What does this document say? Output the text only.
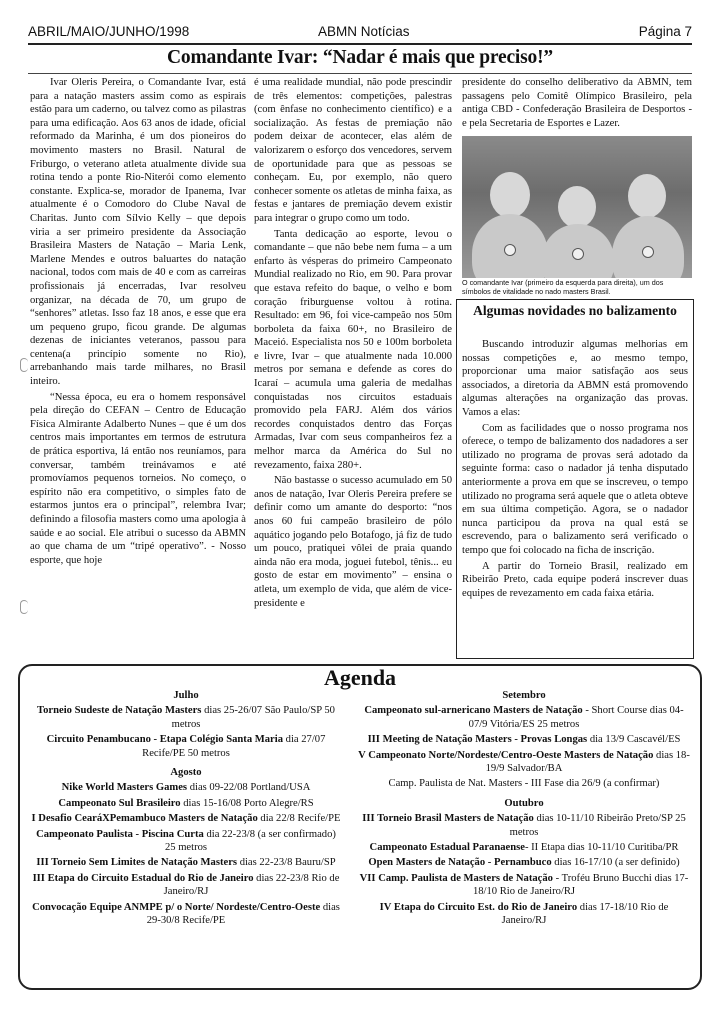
ABRIL/MAIO/JUNHO/1998	ABMN Notícias	Página 7
Comandante Ivar: “Nadar é mais que preciso!”

Ivar Oleris Pereira, o Comandante Ivar, está para a natação masters assim como as espirais estão para um caderno, ou talvez como as pilastras para uma edificação. Aos 63 anos de idade, oficial reformado da Marinha, é um dos pioneiros do movimento masters no Brasil. Natural de Friburgo, o veterano atleta atualmente divide sua rotina tendo a ponte Rio-Niterói como elemento constante. Explica-se, morador de Ipanema, Ivar atualmente é o Comodoro do Clube Naval de Charitas. Junto com Sílvio Kelly – que depois viria a ser primeiro presidente da Associação Brasileira Masters de Natação – Maria Lenk, Marlene Mendes e outros baluartes do natação nacional, todos com mais de 40 e com as carreiras profissionais já encerradas, Ivar resolveu organizar, na década de 70, um grupo de “senhores” atletas. Isso faz 18 anos, e esse que era um pequeno grupo, ficou grande. De algumas dezenas de iniciantes veteranos, passou para centena(a princípio somente no Rio), arrebanhando mais tarde milhares, no Brasil inteiro.

“Nessa época, eu era o homem responsável pela direção do CEFAN – Centro de Educação Física Almirante Adalberto Nunes – que é um dos centros mais importantes em termos de estrutura de prática esportiva, lá então nos reuníamos, para conversar, também treinávamos e até promovíamos pequenos torneios. No começo, o espírito não era competitivo, o simples fato de estarmos juntos era o principal”, relembra Ivar; definindo a filosofia masters como uma apologia à saúde e ao social. Ele atribui o sucesso da ABMN ao que chama de um “tripé operativo”. - Nosso esporte, que hoje

é uma realidade mundial, não pode prescindir de três elementos: competições, palestras (com ênfase no conhecimento científico) e a socialização. As festas de premiação não podem deixar de acontecer, elas além de valorizarem o esforço dos vencedores, servem de oportunidade para que as pessoas se conheçam. Eu, por exemplo, não quero conhecer somente os atletas de minha faixa, as festas e jantares de premiação devem existir para integrar o grupo como um todo.

Tanta dedicação ao esporte, levou o comandante – que não bebe nem fuma – a um enfarto às vésperas do primeiro Campeonato Mundial realizado no Rio, em 90. Para provar que estava refeito do baque, o velho e bom coração friburguense voltou à rotina. Resultado: em 96, foi vice-campeão nos 50m borboleta da faixa 60+, no Brasileiro de Maceió. Especialista nos 50 e 100m borboleta e livre, Ivar – que atualmente nada 10.000 metros por semana e defende as cores do Icaraí – acumula uma galeria de medalhas conquistadas nos circuitos estaduais promovido pela FARJ. Além dos vários recordes conquistados dentro das Forças Armadas, Ivar com seus companheiros fez a melhor marca da América do Sul no revezamento, faixa 280+.

Não bastasse o sucesso acumulado em 50 anos de natação, Ivar Oleris Pereira prefere se definir como um amante do desporto: “nos anos 60 fui campeão brasileiro de pólo aquático jogando pelo Botafogo, já fiz de tudo um pouco, pratiquei vôlei de praia quando ainda não era moda, joguei futebol, tênis... eu gosto de estar em movimento” – ensina o atleta, um exemplo de vida, que além de vice-presidente e

presidente do conselho deliberativo da ABMN, tem passagens pelo Comitê Olímpico Brasileiro, pela antiga CBD - Confederação Brasileira de Desportos - e pela Secretaria de Esportes e Lazer.

O comandante Ivar (primeiro da esquerda para direita), um dos símbolos de vitalidade no nado masters Brasil.
Algumas novidades no balizamento

Buscando introduzir algumas melhorias em nossas competições e, ao mesmo tempo, proporcionar uma maior satisfação aos seus associados, a diretoria da ABMN está promovendo algumas alterações na organização das provas. Vamos a elas:

Com as facilidades que o nosso programa nos oferece, o tempo de balizamento dos nadadores a ser utilizado no programa de provas será adotado da seguinte forma: caso o nadador já tenha disputado anteriormente a prova em que se inscreveu, o tempo utilizado no programa será aquele que o atleta obteve em sua última competição. Agora, se o nadador nunca participou da prova na qual está se escrevendo, para o balizamento será verificado o tempo que foi colocado na ficha de inscrição.

A partir do Torneio Brasil, realizado em Ribeirão Preto, cada equipe poderá inscrever duas equipes de revezamento em cada faixa etária.

Agenda
Julho
Torneio Sudeste de Natação Masters dias 25-26/07 São Paulo/SP 50 metros
Circuito Penambucano - Etapa Colégio Santa Maria dia 27/07 Recife/PE 50 metros
Agosto
Nike World Masters Games dias 09-22/08 Portland/USA
Campeonato Sul Brasileiro dias 15-16/08 Porto Alegre/RS
I Desafio CearáXPemambuco Masters de Natação dia 22/8 Recife/PE
Campeonato Paulista - Piscina Curta dia 22-23/8 (a ser confirmado) 25 metros
III Torneio Sem Limites de Natação Masters dias 22-23/8 Bauru/SP
III Etapa do Circuito Estadual do Rio de Janeiro dias 22-23/8 Rio de Janeiro/RJ
Convocação Equipe ANMPE p/ o Norte/ Nordeste/Centro-Oeste dias 29-30/8 Recife/PE
Setembro
Campeonato sul-arnericano Masters de Natação - Short Course dias 04-07/9 Vitória/ES 25 metros
III Meeting de Natação Masters - Provas Longas dia 13/9 Cascavél/ES
V Campeonato Norte/Nordeste/Centro-Oeste Masters de Natação dias 18-19/9 Salvador/BA
Camp. Paulista de Nat. Masters - III Fase dia 26/9 (a confirmar)
Outubro
III Torneio Brasil Masters de Natação dias 10-11/10 Ribeirão Preto/SP 25 metros
Campeonato Estadual Paranaense- II Etapa dias 10-11/10 Curitiba/PR
Open Masters de Natação - Pernambuco dias 16-17/10 (a ser definido)
VII Camp. Paulista de Masters de Natação - Troféu Bruno Bucchi dias 17-18/10 Rio de Janeiro/RJ
IV Etapa do Circuito Est. do Rio de Janeiro dias 17-18/10 Rio de Janeiro/RJ
